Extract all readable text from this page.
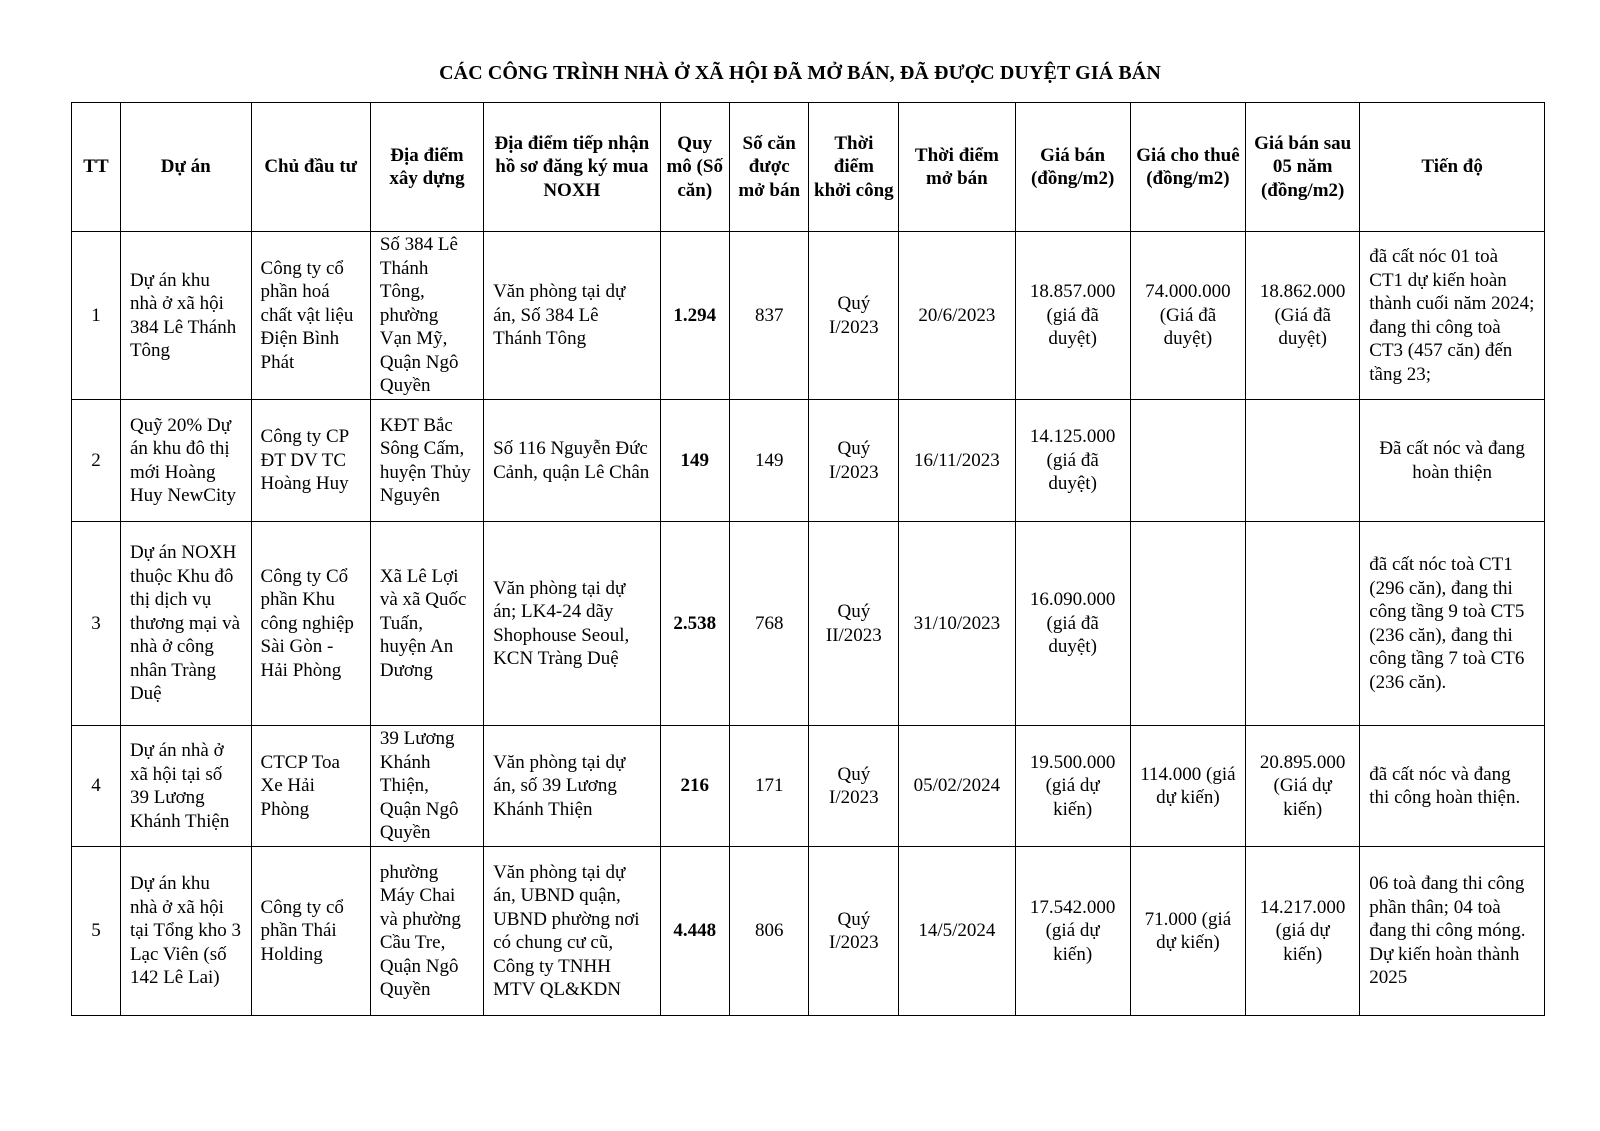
CÁC CÔNG TRÌNH NHÀ Ở XÃ HỘI ĐÃ MỞ BÁN, ĐÃ ĐƯỢC DUYỆT GIÁ BÁN
TT	Dự án	Chủ đầu tư	Địa điểm xây dựng	Địa điểm tiếp nhận hồ sơ đăng ký mua NOXH	Quy mô (Số căn)	Số căn được mở bán	Thời điểm khởi công	Thời điểm mở bán	Giá bán (đồng/m2)	Giá cho thuê (đồng/m2)	Giá bán sau 05 năm (đồng/m2)	Tiến độ
1	Dự án khu nhà ở xã hội 384 Lê Thánh Tông	Công ty cổ phần hoá chất vật liệu Điện Bình Phát	Số 384 Lê Thánh Tông, phường Vạn Mỹ, Quận Ngô Quyền	Văn phòng tại dự án, Số 384 Lê Thánh Tông	1.294	837	Quý I/2023	20/6/2023	18.857.000 (giá đã duyệt)	74.000.000 (Giá đã duyệt)	18.862.000 (Giá đã duyệt)	đã cất nóc 01 toà CT1 dự kiến hoàn thành cuối năm 2024; đang thi công toà CT3 (457 căn) đến tầng 23;
2	Quỹ 20% Dự án khu đô thị mới Hoàng Huy NewCity	Công ty CP ĐT DV TC Hoàng Huy	KĐT Bắc Sông Cấm, huyện Thủy Nguyên	Số 116 Nguyễn Đức Cảnh, quận Lê Chân	149	149	Quý I/2023	16/11/2023	14.125.000 (giá đã duyệt)			Đã cất nóc và đang hoàn thiện
3	Dự án NOXH thuộc Khu đô thị dịch vụ thương mại và nhà ở công nhân Tràng Duệ	Công ty Cổ phần Khu công nghiệp Sài Gòn - Hải Phòng	Xã Lê Lợi và xã Quốc Tuấn, huyện An Dương	Văn phòng tại dự án; LK4-24 dãy Shophouse Seoul, KCN Tràng Duệ	2.538	768	Quý II/2023	31/10/2023	16.090.000 (giá đã duyệt)			đã cất nóc toà CT1 (296 căn), đang thi công tầng 9 toà CT5 (236 căn), đang thi công tầng 7 toà CT6 (236 căn).
4	Dự án nhà ở xã hội tại số 39 Lương Khánh Thiện	CTCP Toa Xe Hải Phòng	39 Lương Khánh Thiện, Quận Ngô Quyền	Văn phòng tại dự án, số 39 Lương Khánh Thiện	216	171	Quý I/2023	05/02/2024	19.500.000 (giá dự kiến)	114.000 (giá dự kiến)	20.895.000 (Giá dự kiến)	đã cất nóc và đang thi công hoàn thiện.
5	Dự án khu nhà ở xã hội tại Tổng kho 3 Lạc Viên (số 142 Lê Lai)	Công ty cổ phần Thái Holding	phường Máy Chai và phường Cầu Tre, Quận Ngô Quyền	Văn phòng tại dự án, UBND quận, UBND phường nơi có chung cư cũ, Công ty TNHH MTV QL&KDN	4.448	806	Quý I/2023	14/5/2024	17.542.000 (giá dự kiến)	71.000 (giá dự kiến)	14.217.000 (giá dự kiến)	06 toà đang thi công phần thân; 04 toà đang thi công móng. Dự kiến hoàn thành 2025
